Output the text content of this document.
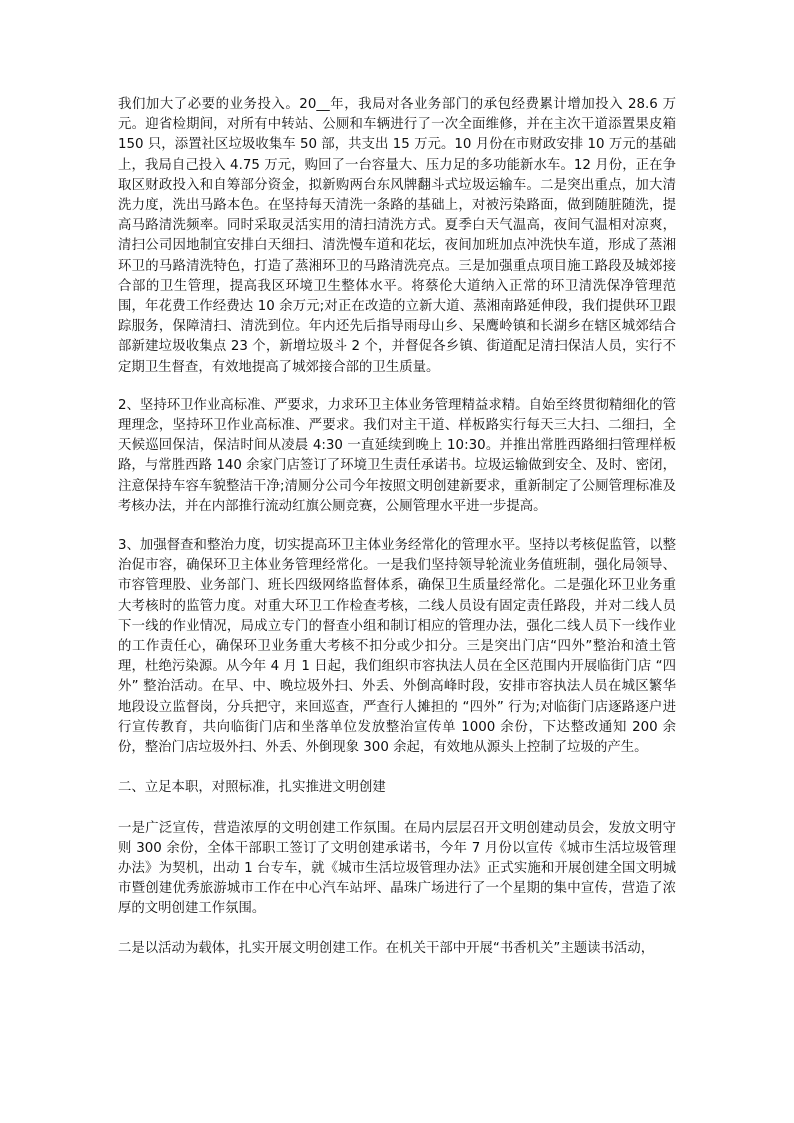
我们加大了必要的业务投入。20__年，我局对各业务部门的承包经费累计增加投入 28.6 万元。迎省检期间，对所有中转站、公厕和车辆进行了一次全面维修，并在主次干道添置果皮箱 150 只，添置社区垃圾收集车 50 部，共支出 15 万元。10 月份在市财政安排 10 万元的基础上，我局自己投入 4.75 万元，购回了一台容量大、压力足的多功能新水车。12 月份，正在争取区财政投入和自筹部分资金，拟新购两台东风牌翻斗式垃圾运输车。二是突出重点，加大清洗力度，洗出马路本色。在坚持每天清洗一条路的基础上，对被污染路面，做到随脏随洗，提高马路清洗频率。同时采取灵活实用的清扫清洗方式。夏季白天气温高，夜间气温相对凉爽，清扫公司因地制宜安排白天细扫、清洗慢车道和花坛，夜间加班加点冲洗快车道，形成了蒸湘环卫的马路清洗特色，打造了蒸湘环卫的马路清洗亮点。三是加强重点项目施工路段及城郊接合部的卫生管理，提高我区环境卫生整体水平。将蔡伦大道纳入正常的环卫清洗保净管理范围，年花费工作经费达 10 余万元;对正在改造的立新大道、蒸湘南路延伸段，我们提供环卫跟踪服务，保障清扫、清洗到位。年内还先后指导雨母山乡、呆鹰岭镇和长湖乡在辖区城郊结合部新建垃圾收集点 23 个，新增垃圾斗 2 个，并督促各乡镇、街道配足清扫保洁人员，实行不定期卫生督查，有效地提高了城郊接合部的卫生质量。

2、坚持环卫作业高标准、严要求，力求环卫主体业务管理精益求精。自始至终贯彻精细化的管理理念，坚持环卫作业高标准、严要求。我们对主干道、样板路实行每天三大扫、二细扫，全天候巡回保洁，保洁时间从凌晨 4:30 一直延续到晚上 10:30。并推出常胜西路细扫管理样板路，与常胜西路 140 余家门店签订了环境卫生责任承诺书。垃圾运输做到安全、及时、密闭，注意保持车容车貌整洁干净;清厕分公司今年按照文明创建新要求，重新制定了公厕管理标准及考核办法，并在内部推行流动红旗公厕竞赛，公厕管理水平进一步提高。

3、加强督查和整治力度，切实提高环卫主体业务经常化的管理水平。坚持以考核促监管，以整治促市容，确保环卫主体业务管理经常化。一是我们坚持领导轮流业务值班制，强化局领导、市容管理股、业务部门、班长四级网络监督体系，确保卫生质量经常化。二是强化环卫业务重大考核时的监管力度。对重大环卫工作检查考核，二线人员设有固定责任路段，并对二线人员下一线的作业情况，局成立专门的督查小组和制订相应的管理办法，强化二线人员下一线作业的工作责任心，确保环卫业务重大考核不扣分或少扣分。三是突出门店“四外”整治和渣土管理，杜绝污染源。从今年 4 月 1 日起，我们组织市容执法人员在全区范围内开展临街门店 “四外” 整治活动。在早、中、晚垃圾外扫、外丢、外倒高峰时段，安排市容执法人员在城区繁华地段设立监督岗，分兵把守，来回巡查，严查行人摊担的 “四外” 行为;对临街门店逐路逐户进行宣传教育，共向临街门店和坐落单位发放整治宣传单 1000 余份，下达整改通知 200 余份，整治门店垃圾外扫、外丢、外倒现象 300 余起，有效地从源头上控制了垃圾的产生。

二、立足本职，对照标准，扎实推进文明创建

一是广泛宣传，营造浓厚的文明创建工作氛围。在局内层层召开文明创建动员会，发放文明守则 300 余份，全体干部职工签订了文明创建承诺书，今年 7 月份以宣传《城市生活垃圾管理办法》为契机，出动 1 台专车，就《城市生活垃圾管理办法》正式实施和开展创建全国文明城市暨创建优秀旅游城市工作在中心汽车站坪、晶珠广场进行了一个星期的集中宣传，营造了浓厚的文明创建工作氛围。

二是以活动为载体，扎实开展文明创建工作。在机关干部中开展“书香机关”主题读书活动，
